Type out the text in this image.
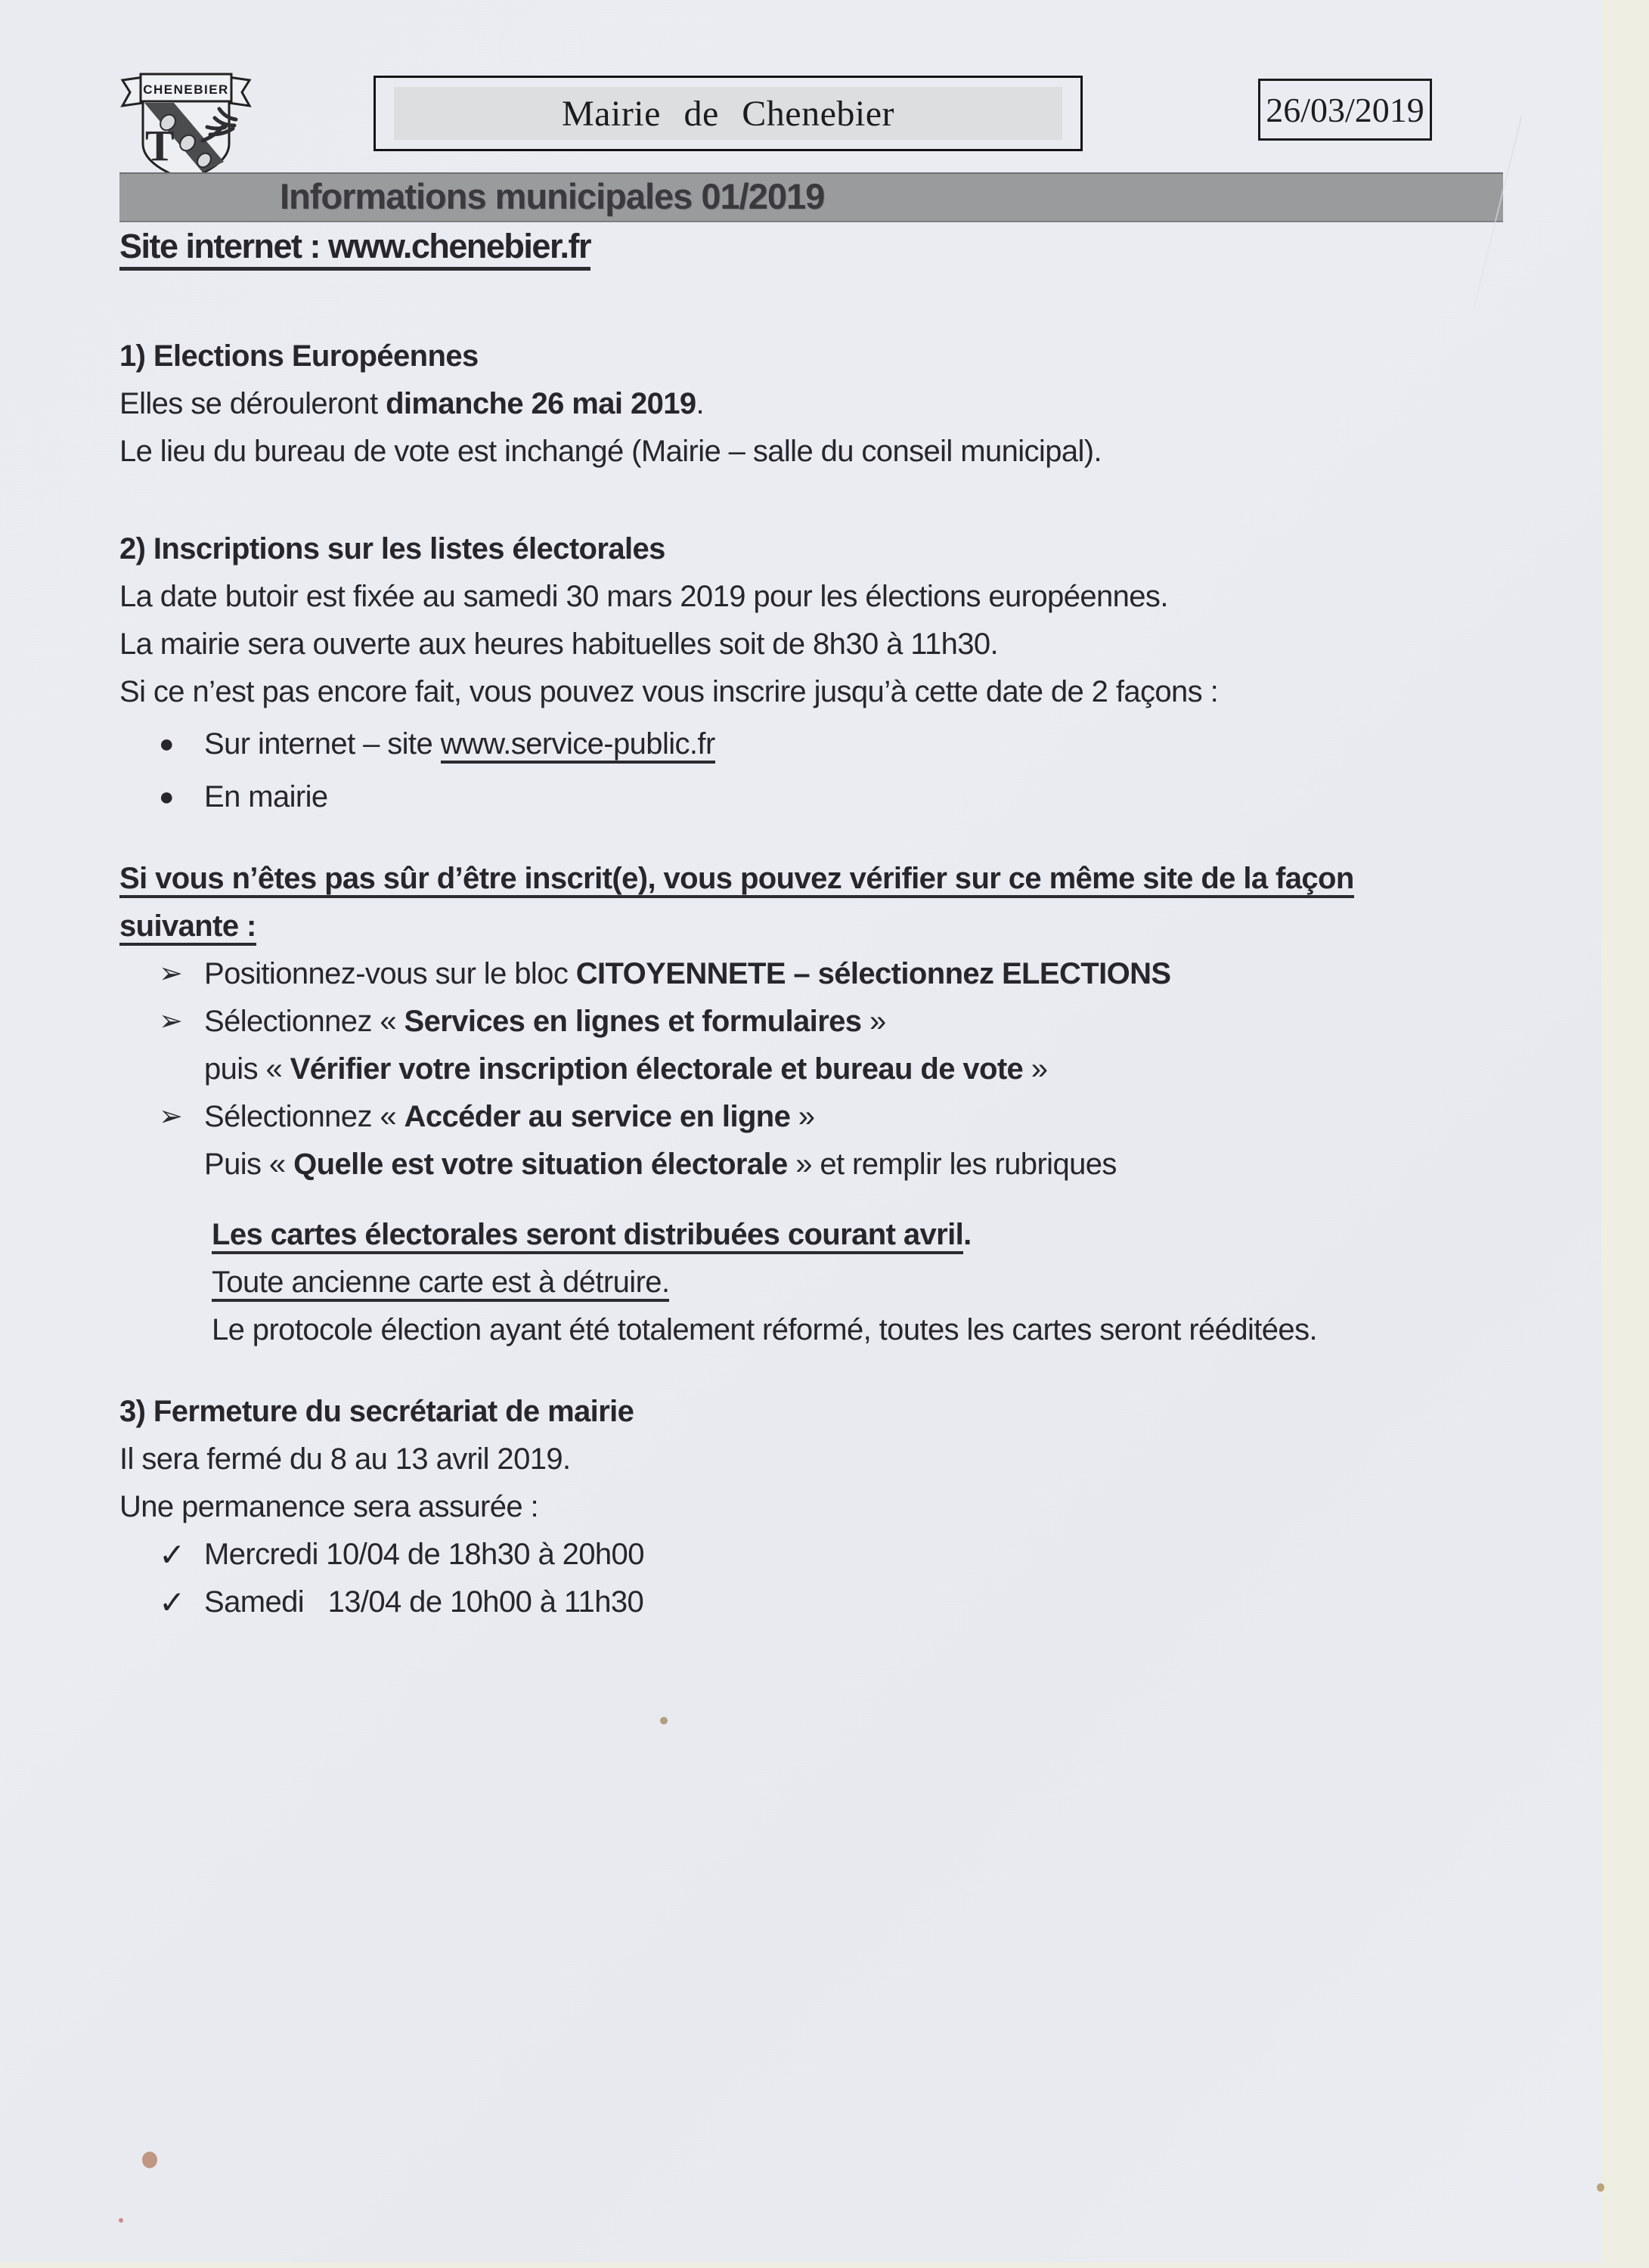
CHENEBIER
T
Mairie de Chenebier	26/03/2019
Informations municipales 01/2019
Site internet : www.chenebier.fr
1) Elections Européennes
Elles se dérouleront dimanche 26 mai 2019.
Le lieu du bureau de vote est inchangé (Mairie – salle du conseil municipal).
2) Inscriptions sur les listes électorales
La date butoir est fixée au samedi 30 mars 2019 pour les élections européennes.
La mairie sera ouverte aux heures habituelles soit de 8h30 à 11h30.
Si ce n’est pas encore fait, vous pouvez vous inscrire jusqu’à cette date de 2 façons :
● Sur internet – site www.service-public.fr
● En mairie
Si vous n’êtes pas sûr d’être inscrit(e), vous pouvez vérifier sur ce même site de la façon
suivante :
➢ Positionnez-vous sur le bloc CITOYENNETE – sélectionnez ELECTIONS
➢ Sélectionnez « Services en lignes et formulaires »
puis « Vérifier votre inscription électorale et bureau de vote »
➢ Sélectionnez « Accéder au service en ligne »
Puis « Quelle est votre situation électorale » et remplir les rubriques
Les cartes électorales seront distribuées courant avril.
Toute ancienne carte est à détruire.
Le protocole élection ayant été totalement réformé, toutes les cartes seront rééditées.
3) Fermeture du secrétariat de mairie
Il sera fermé du 8 au 13 avril 2019.
Une permanence sera assurée :
✓ Mercredi 10/04 de 18h30 à 20h00
✓ Samedi   13/04 de 10h00 à 11h30
